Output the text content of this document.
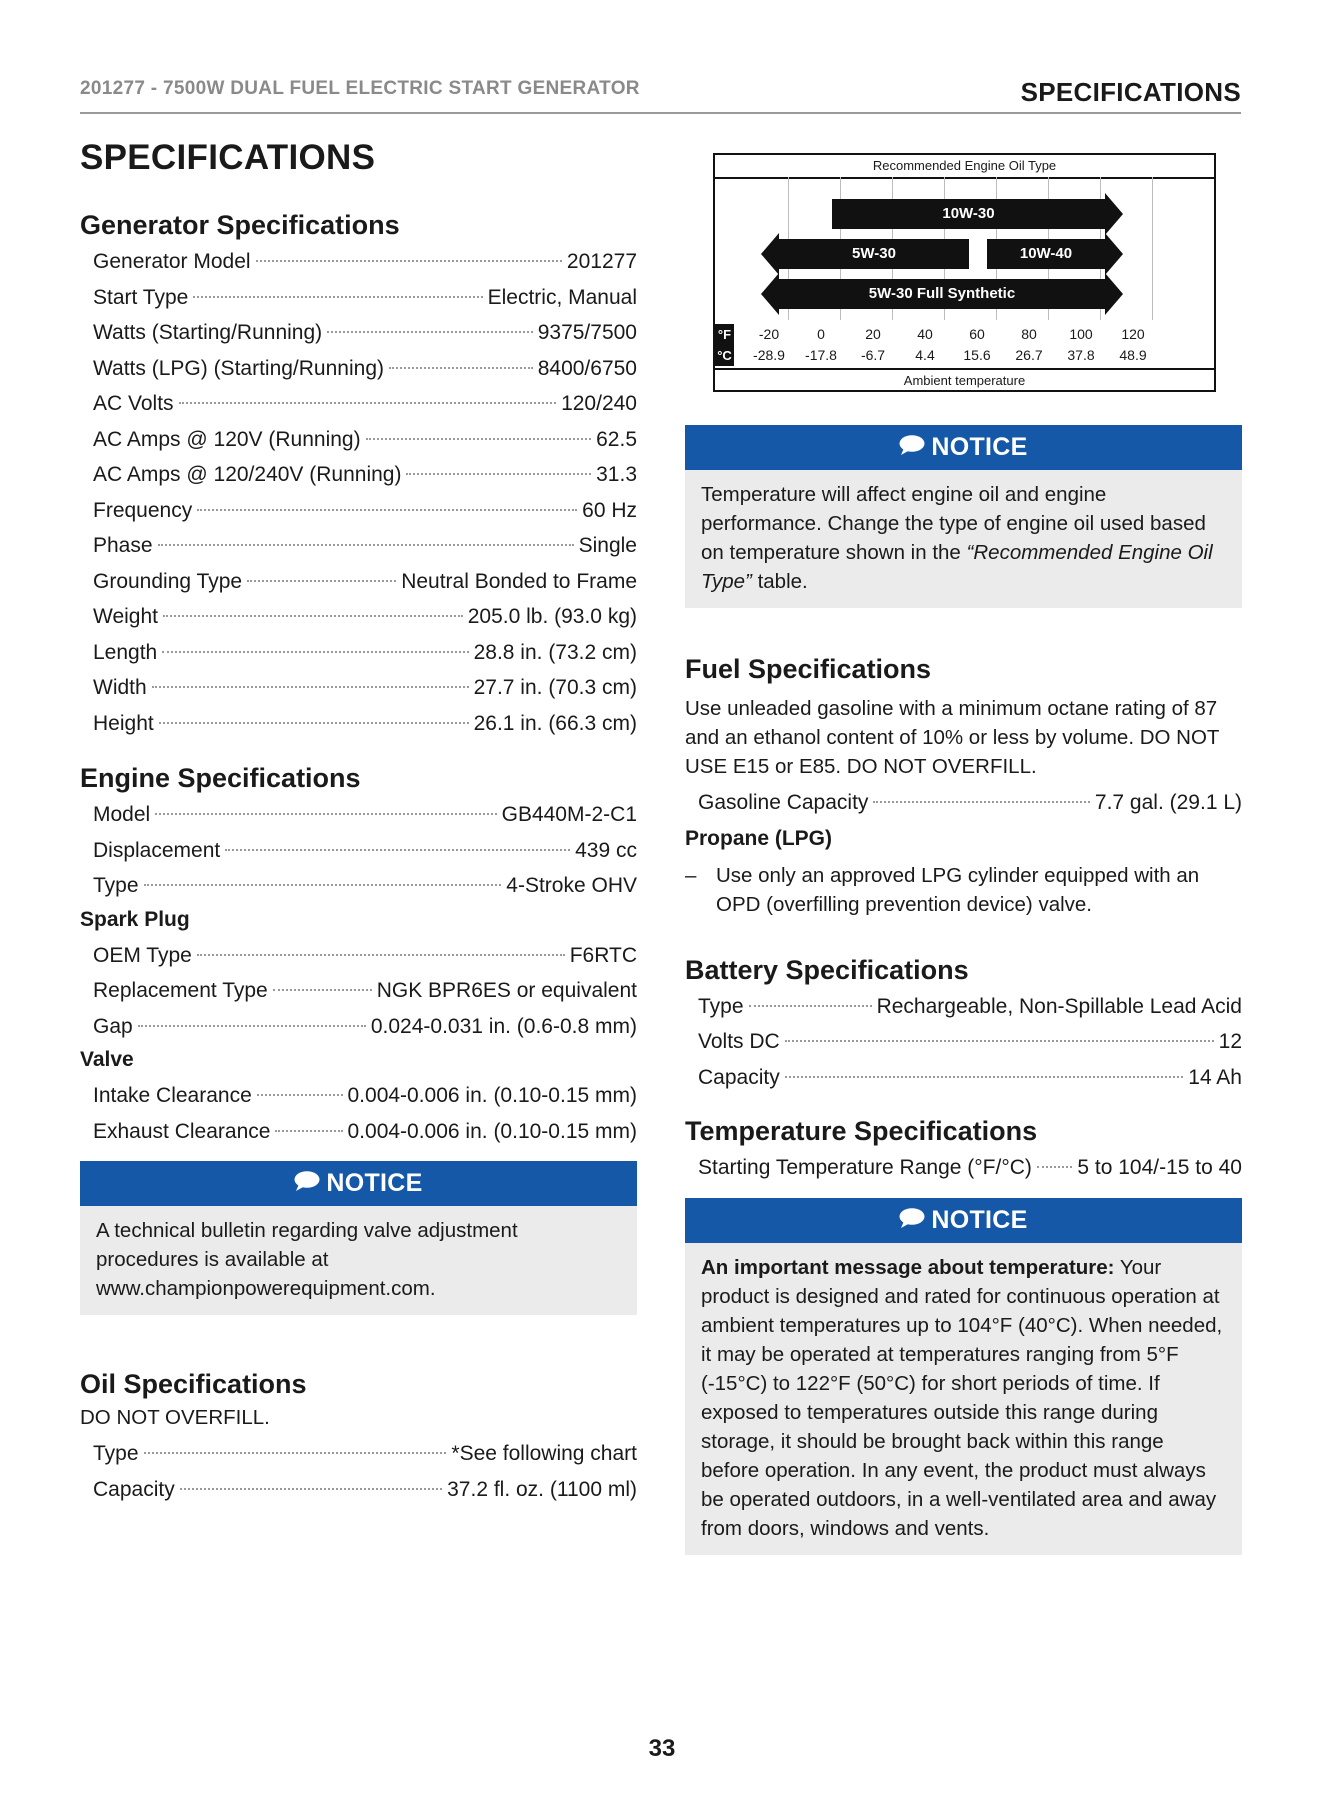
201277 - 7500W DUAL FUEL ELECTRIC START GENERATOR	SPECIFICATIONS
SPECIFICATIONS
Generator Specifications
Generator Model	201277
Start Type	Electric, Manual
Watts (Starting/Running)	9375/7500
Watts (LPG) (Starting/Running)	8400/6750
AC Volts	120/240
AC Amps @ 120V (Running)	62.5
AC Amps @ 120/240V (Running)	31.3
Frequency	60 Hz
Phase	Single
Grounding Type	Neutral Bonded to Frame
Weight	205.0 lb. (93.0 kg)
Length	28.8 in. (73.2 cm)
Width	27.7 in. (70.3 cm)
Height	26.1 in. (66.3 cm)
Engine Specifications
Model	GB440M-2-C1
Displacement	439 cc
Type	4-Stroke OHV
Spark Plug
OEM Type	F6RTC
Replacement Type	NGK BPR6ES or equivalent
Gap	0.024-0.031 in. (0.6-0.8 mm)
Valve
Intake Clearance	0.004-0.006 in. (0.10-0.15 mm)
Exhaust Clearance	0.004-0.006 in. (0.10-0.15 mm)
NOTICE
A technical bulletin regarding valve adjustment procedures is available at www.championpowerequipment.com.
Oil Specifications
DO NOT OVERFILL.
Type	*See following chart
Capacity	37.2 fl. oz. (1100 ml)
Recommended Engine Oil Type
Ambient temperature
10W-30
5W-30	10W-40
5W-30 Full Synthetic
°F -20	0	20	40	60	80 100 120
°C -28.9 -17.8 -6.7 4.4 15.6 26.7 37.8 48.9
NOTICE
Temperature will affect engine oil and engine performance. Change the type of engine oil used based on temperature shown in the “Recommended Engine Oil Type” table.
Fuel Specifications
Use unleaded gasoline with a minimum octane rating of 87 and an ethanol content of 10% or less by volume. DO NOT USE E15 or E85. DO NOT OVERFILL.
Gasoline Capacity	7.7 gal. (29.1 L)
Propane (LPG)
– Use only an approved LPG cylinder equipped with an OPD (overfilling prevention device) valve.
Battery Specifications
Type	Rechargeable, Non-Spillable Lead Acid
Volts DC	12
Capacity	14 Ah
Temperature Specifications
Starting Temperature Range (°F/°C) 5 to 104/-15 to 40
NOTICE
An important message about temperature: Your product is designed and rated for continuous operation at ambient temperatures up to 104°F (40°C). When needed, it may be operated at temperatures ranging from 5°F (-15°C) to 122°F (50°C) for short periods of time. If exposed to temperatures outside this range during storage, it should be brought back within this range before operation. In any event, the product must always be operated outdoors, in a well-ventilated area and away from doors, windows and vents.
33
